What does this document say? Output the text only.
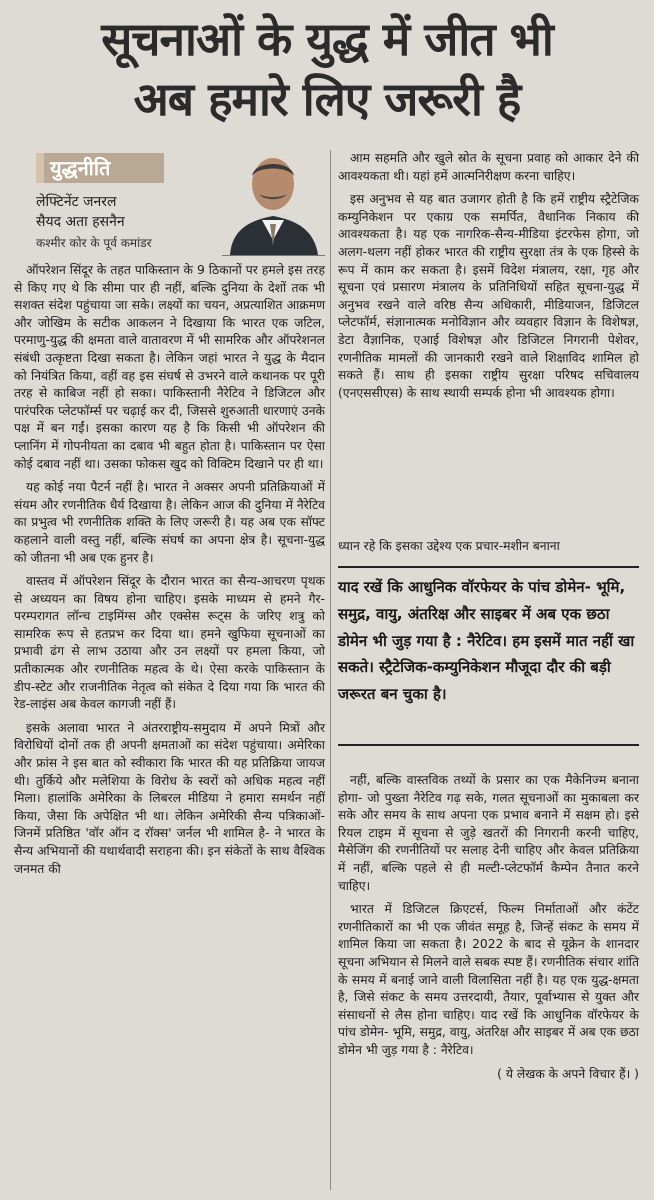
सूचनाओं के युद्ध में जीत भी
अब हमारे लिए जरूरी है
युद्धनीति
लेफ्टिनेंट जनरल
सैयद अता हसनैन
कश्मीर कोर के पूर्व कमांडर

ऑपरेशन सिंदूर के तहत पाकिस्तान के 9 ठिकानों पर हमले इस तरह से किए गए थे कि सीमा पार ही नहीं, बल्कि दुनिया के देशों तक भी सशक्त संदेश पहुंचाया जा सके। लक्ष्यों का चयन, अप्रत्याशित आक्रमण और जोखिम के सटीक आकलन ने दिखाया कि भारत एक जटिल, परमाणु-युद्ध की क्षमता वाले वातावरण में भी सामरिक और ऑपरेशनल संबंधी उत्कृष्टता दिखा सकता है। लेकिन जहां भारत ने युद्ध के मैदान को नियंत्रित किया, वहीं वह इस संघर्ष से उभरने वाले कथानक पर पूरी तरह से काबिज नहीं हो सका। पाकिस्तानी नैरेटिव ने डिजिटल और पारंपरिक प्लेटफॉर्म्स पर चढ़ाई कर दी, जिससे शुरुआती धारणाएं उनके पक्ष में बन गईं। इसका कारण यह है कि किसी भी ऑपरेशन की प्लानिंग में गोपनीयता का दबाव भी बहुत होता है। पाकिस्तान पर ऐसा कोई दबाव नहीं था। उसका फोकस खुद को विक्टिम दिखाने पर ही था।

यह कोई नया पैटर्न नहीं है। भारत ने अक्सर अपनी प्रतिक्रियाओं में संयम और रणनीतिक धैर्य दिखाया है। लेकिन आज की दुनिया में नैरेटिव का प्रभुत्व भी रणनीतिक शक्ति के लिए जरूरी है। यह अब एक सॉफ्ट कहलाने वाली वस्तु नहीं, बल्कि संघर्ष का अपना क्षेत्र है। सूचना-युद्ध को जीतना भी अब एक हुनर है।

वास्तव में ऑपरेशन सिंदूर के दौरान भारत का सैन्य-आचरण पृथक से अध्ययन का विषय होना चाहिए। इसके माध्यम से हमने गैर-परम्परागत लॉन्च टाइमिंग्स और एक्सेस रूट्स के जरिए शत्रु को सामरिक रूप से हतप्रभ कर दिया था। हमने खुफिया सूचनाओं का प्रभावी ढंग से लाभ उठाया और उन लक्ष्यों पर हमला किया, जो प्रतीकात्मक और रणनीतिक महत्व के थे। ऐसा करके पाकिस्तान के डीप-स्टेट और राजनीतिक नेतृत्व को संकेत दे दिया गया कि भारत की रेड-लाइंस अब केवल कागजी नहीं हैं।

इसके अलावा भारत ने अंतरराष्ट्रीय-समुदाय में अपने मित्रों और विरोधियों दोनों तक ही अपनी क्षमताओं का संदेश पहुंचाया। अमेरिका और फ्रांस ने इस बात को स्वीकारा कि भारत की यह प्रतिक्रिया जायज थी। तुर्किये और मलेशिया के विरोध के स्वरों को अधिक महत्व नहीं मिला। हालांकि अमेरिका के लिबरल मीडिया ने हमारा समर्थन नहीं किया, जैसा कि अपेक्षित भी था। लेकिन अमेरिकी सैन्य पत्रिकाओं-जिनमें प्रतिष्ठित 'वॉर ऑन द रॉक्स' जर्नल भी शामिल है- ने भारत के सैन्य अभियानों की यथार्थवादी सराहना की। इन संकेतों के साथ वैश्विक जनमत की

आम सहमति और खुले स्रोत के सूचना प्रवाह को आकार देने की आवश्यकता थी। यहां हमें आत्मनिरीक्षण करना चाहिए।

इस अनुभव से यह बात उजागर होती है कि हमें राष्ट्रीय स्ट्रैटेजिक कम्युनिकेशन पर एकाग्र एक समर्पित, वैधानिक निकाय की आवश्यकता है। यह एक नागरिक-सैन्य-मीडिया इंटरफेस होगा, जो अलग-थलग नहीं होकर भारत की राष्ट्रीय सुरक्षा तंत्र के एक हिस्से के रूप में काम कर सकता है। इसमें विदेश मंत्रालय, रक्षा, गृह और सूचना एवं प्रसारण मंत्रालय के प्रतिनिधियों सहित सूचना-युद्ध में अनुभव रखने वाले वरिष्ठ सैन्य अधिकारी, मीडियाजन, डिजिटल प्लेटफॉर्म, संज्ञानात्मक मनोविज्ञान और व्यवहार विज्ञान के विशेषज्ञ, डेटा वैज्ञानिक, एआई विशेषज्ञ और डिजिटल निगरानी पेशेवर, रणनीतिक मामलों की जानकारी रखने वाले शिक्षाविद शामिल हो सकते हैं। साथ ही इसका राष्ट्रीय सुरक्षा परिषद सचिवालय (एनएससीएस) के साथ स्थायी सम्पर्क होना भी आवश्यक होगा।

ध्यान रहे कि इसका उद्देश्य एक प्रचार-मशीन बनाना
याद रखें कि आधुनिक वॉरफेयर के पांच डोमेन- भूमि, समुद्र, वायु, अंतरिक्ष और साइबर में अब एक छठा डोमेन भी जुड़ गया है : नैरेटिव। हम इसमें मात नहीं खा सकते। स्ट्रैटेजिक-कम्युनिकेशन मौजूदा दौर की बड़ी जरूरत बन चुका है।

नहीं, बल्कि वास्तविक तथ्यों के प्रसार का एक मैकेनिज्म बनाना होगा- जो पुख्ता नैरेटिव गढ़ सके, गलत सूचनाओं का मुकाबला कर सके और समय के साथ अपना एक प्रभाव बनाने में सक्षम हो। इसे रियल टाइम में सूचना से जुड़े खतरों की निगरानी करनी चाहिए, मैसेजिंग की रणनीतियों पर सलाह देनी चाहिए और केवल प्रतिक्रिया में नहीं, बल्कि पहले से ही मल्टी-प्लेटफॉर्म कैम्पेन तैनात करने चाहिए।

भारत में डिजिटल क्रिएटर्स, फिल्म निर्माताओं और कंटेंट रणनीतिकारों का भी एक जीवंत समूह है, जिन्हें संकट के समय में शामिल किया जा सकता है। 2022 के बाद से यूक्रेन के शानदार सूचना अभियान से मिलने वाले सबक स्पष्ट हैं। रणनीतिक संचार शांति के समय में बनाई जाने वाली विलासिता नहीं है। यह एक युद्ध-क्षमता है, जिसे संकट के समय उत्तरदायी, तैयार, पूर्वाभ्यास से युक्त और संसाधनों से लैस होना चाहिए। याद रखें कि आधुनिक वॉरफेयर के पांच डोमेन- भूमि, समुद्र, वायु, अंतरिक्ष और साइबर में अब एक छठा डोमेन भी जुड़ गया है : नैरेटिव।

( ये लेखक के अपने विचार हैं। )
